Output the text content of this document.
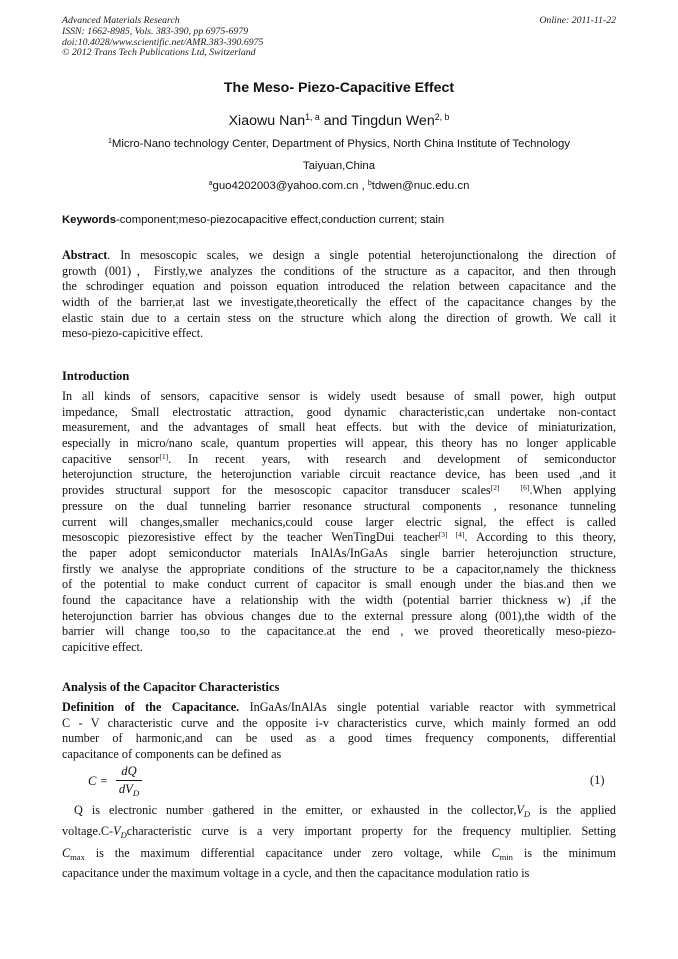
Advanced Materials Research
ISSN: 1662-8985, Vols. 383-390, pp 6975-6979
doi:10.4028/www.scientific.net/AMR.383-390.6975
© 2012 Trans Tech Publications Ltd, Switzerland
Online: 2011-11-22
The Meso- Piezo-Capacitive Effect
Xiaowu Nan$^{1, a}$ and Tingdun Wen$^{2, b}$
$^1$Micro-Nano technology Center, Department of Physics, North China Institute of Technology
Taiyuan,China
$^a$guo4202003@yahoo.com.cn , $^b$tdwen@nuc.edu.cn
Keywords-component;meso-piezocapacitive effect,conduction current; stain
Abstract. In mesoscopic scales, we design a single potential heterojunctionalong the direction of
growth (001)，Firstly,we analyzes the conditions of the structure as a capacitor, and then through
the schrodinger equation and poisson equation introduced the relation between capacitance and the
width of the barrier,at last we investigate,theoretically the effect of the capacitance changes by the
elastic stain due to a certain stess on the structure which along the direction of growth. We call it
meso-piezo-capicitive effect.
Introduction
In all kinds of sensors, capacitive sensor is widely usedt besause of small power, high output
impedance, Small electrostatic attraction, good dynamic characteristic,can undertake non-contact
measurement, and the advantages of small heat effects. but with the device of miniaturization,
especially in micro/nano scale, quantum properties will appear, this theory has no longer applicable
capacitive sensor[1]. In recent years, with research and development of semiconductor
heterojunction structure, the heterojunction variable circuit reactance device, has been used ,and it
provides structural support for the mesoscopic capacitor transducer scales[2]  [6].When applying
pressure on the dual tunneling barrier resonance structural components , resonance tunneling
current will changes,smaller mechanics,could couse larger electric signal, the effect is called
mesoscopic piezoresistive effect by the teacher WenTingDui teacher[3] [4]. According to this theory,
the paper adopt semiconductor materials InAlAs/InGaAs single barrier heterojunction structure,
firstly we analyse the appropriate conditions of the structure to be a capacitor,namely the thickness
of the potential to make conduct current of capacitor is small enough under the bias.and then we
found the capacitance have a relationship with the width (potential barrier thickness w) ,if the
heterojunction barrier has obvious changes due to the external pressure along (001),the width of the
barrier will change too,so to the capacitance.at the end , we proved theoretically meso-piezo-
capicitive effect.
Analysis of the Capacitor Characteristics
Definition of the Capacitance. InGaAs/InAlAs single potential variable reactor with symmetrical
C - V characteristic curve and the opposite i-v characteristics curve, which mainly formed an odd
number of harmonic,and can be used as a good times frequency components, differential
capacitance of components can be defined as
C =
dQ
$dV_D$
(1)
Q is electronic number gathered in the emitter, or exhausted in the $collector,V_D$ is the applied
$voltage.C-V_Dcharacteristic$ curve is a very important property for the frequency multiplier. Setting
$C_{max}$ is the maximum differential capacitance under zero voltage, while $C_{min}$ is the minimum
capacitance under the maximum voltage in a cycle, and then the capacitance modulation ratio is
